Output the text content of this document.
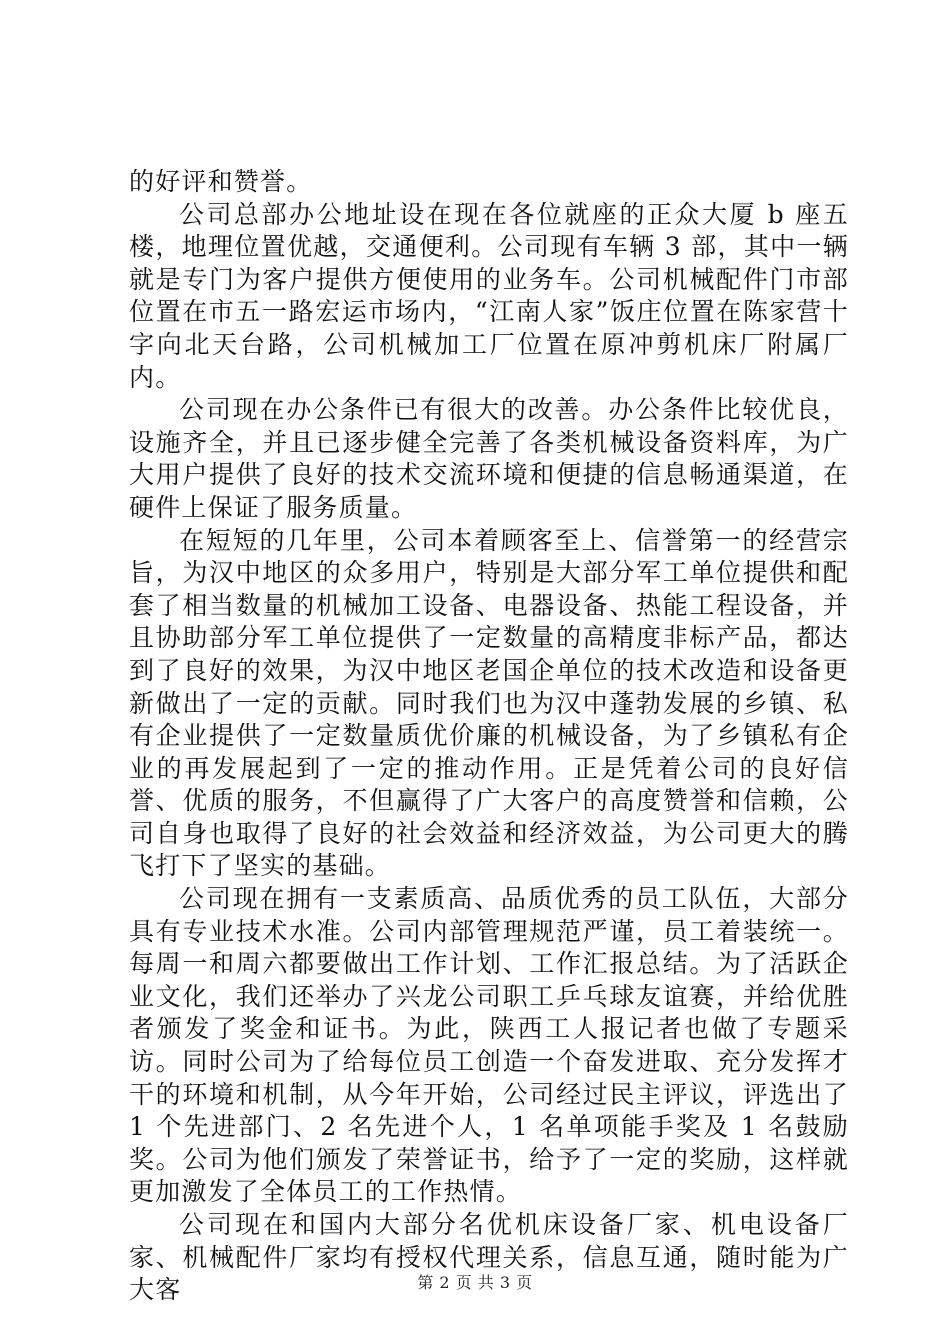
的好评和赞誉。

公司总部办公地址设在现在各位就座的正众大厦 b 座五楼，地理位置优越，交通便利。公司现有车辆 3 部，其中一辆就是专门为客户提供方便使用的业务车。公司机械配件门市部位置在市五一路宏运市场内，“江南人家”饭庄位置在陈家营十字向北天台路，公司机械加工厂位置在原冲剪机床厂附属厂内。

公司现在办公条件已有很大的改善。办公条件比较优良，设施齐全，并且已逐步健全完善了各类机械设备资料库，为广大用户提供了良好的技术交流环境和便捷的信息畅通渠道，在硬件上保证了服务质量。

在短短的几年里，公司本着顾客至上、信誉第一的经营宗旨，为汉中地区的众多用户，特别是大部分军工单位提供和配套了相当数量的机械加工设备、电器设备、热能工程设备，并且协助部分军工单位提供了一定数量的高精度非标产品，都达到了良好的效果，为汉中地区老国企单位的技术改造和设备更新做出了一定的贡献。同时我们也为汉中蓬勃发展的乡镇、私有企业提供了一定数量质优价廉的机械设备，为了乡镇私有企业的再发展起到了一定的推动作用。正是凭着公司的良好信誉、优质的服务，不但赢得了广大客户的高度赞誉和信赖，公司自身也取得了良好的社会效益和经济效益，为公司更大的腾飞打下了坚实的基础。

公司现在拥有一支素质高、品质优秀的员工队伍，大部分具有专业技术水准。公司内部管理规范严谨，员工着装统一。每周一和周六都要做出工作计划、工作汇报总结。为了活跃企业文化，我们还举办了兴龙公司职工乒乓球友谊赛，并给优胜者颁发了奖金和证书。为此，陕西工人报记者也做了专题采访。同时公司为了给每位员工创造一个奋发进取、充分发挥才干的环境和机制，从今年开始，公司经过民主评议，评选出了 1 个先进部门、2 名先进个人，1 名单项能手奖及 1 名鼓励奖。公司为他们颁发了荣誉证书，给予了一定的奖励，这样就更加激发了全体员工的工作热情。

公司现在和国内大部分名优机床设备厂家、机电设备厂家、机械配件厂家均有授权代理关系，信息互通，随时能为广大客	第 2 页 共 3 页
